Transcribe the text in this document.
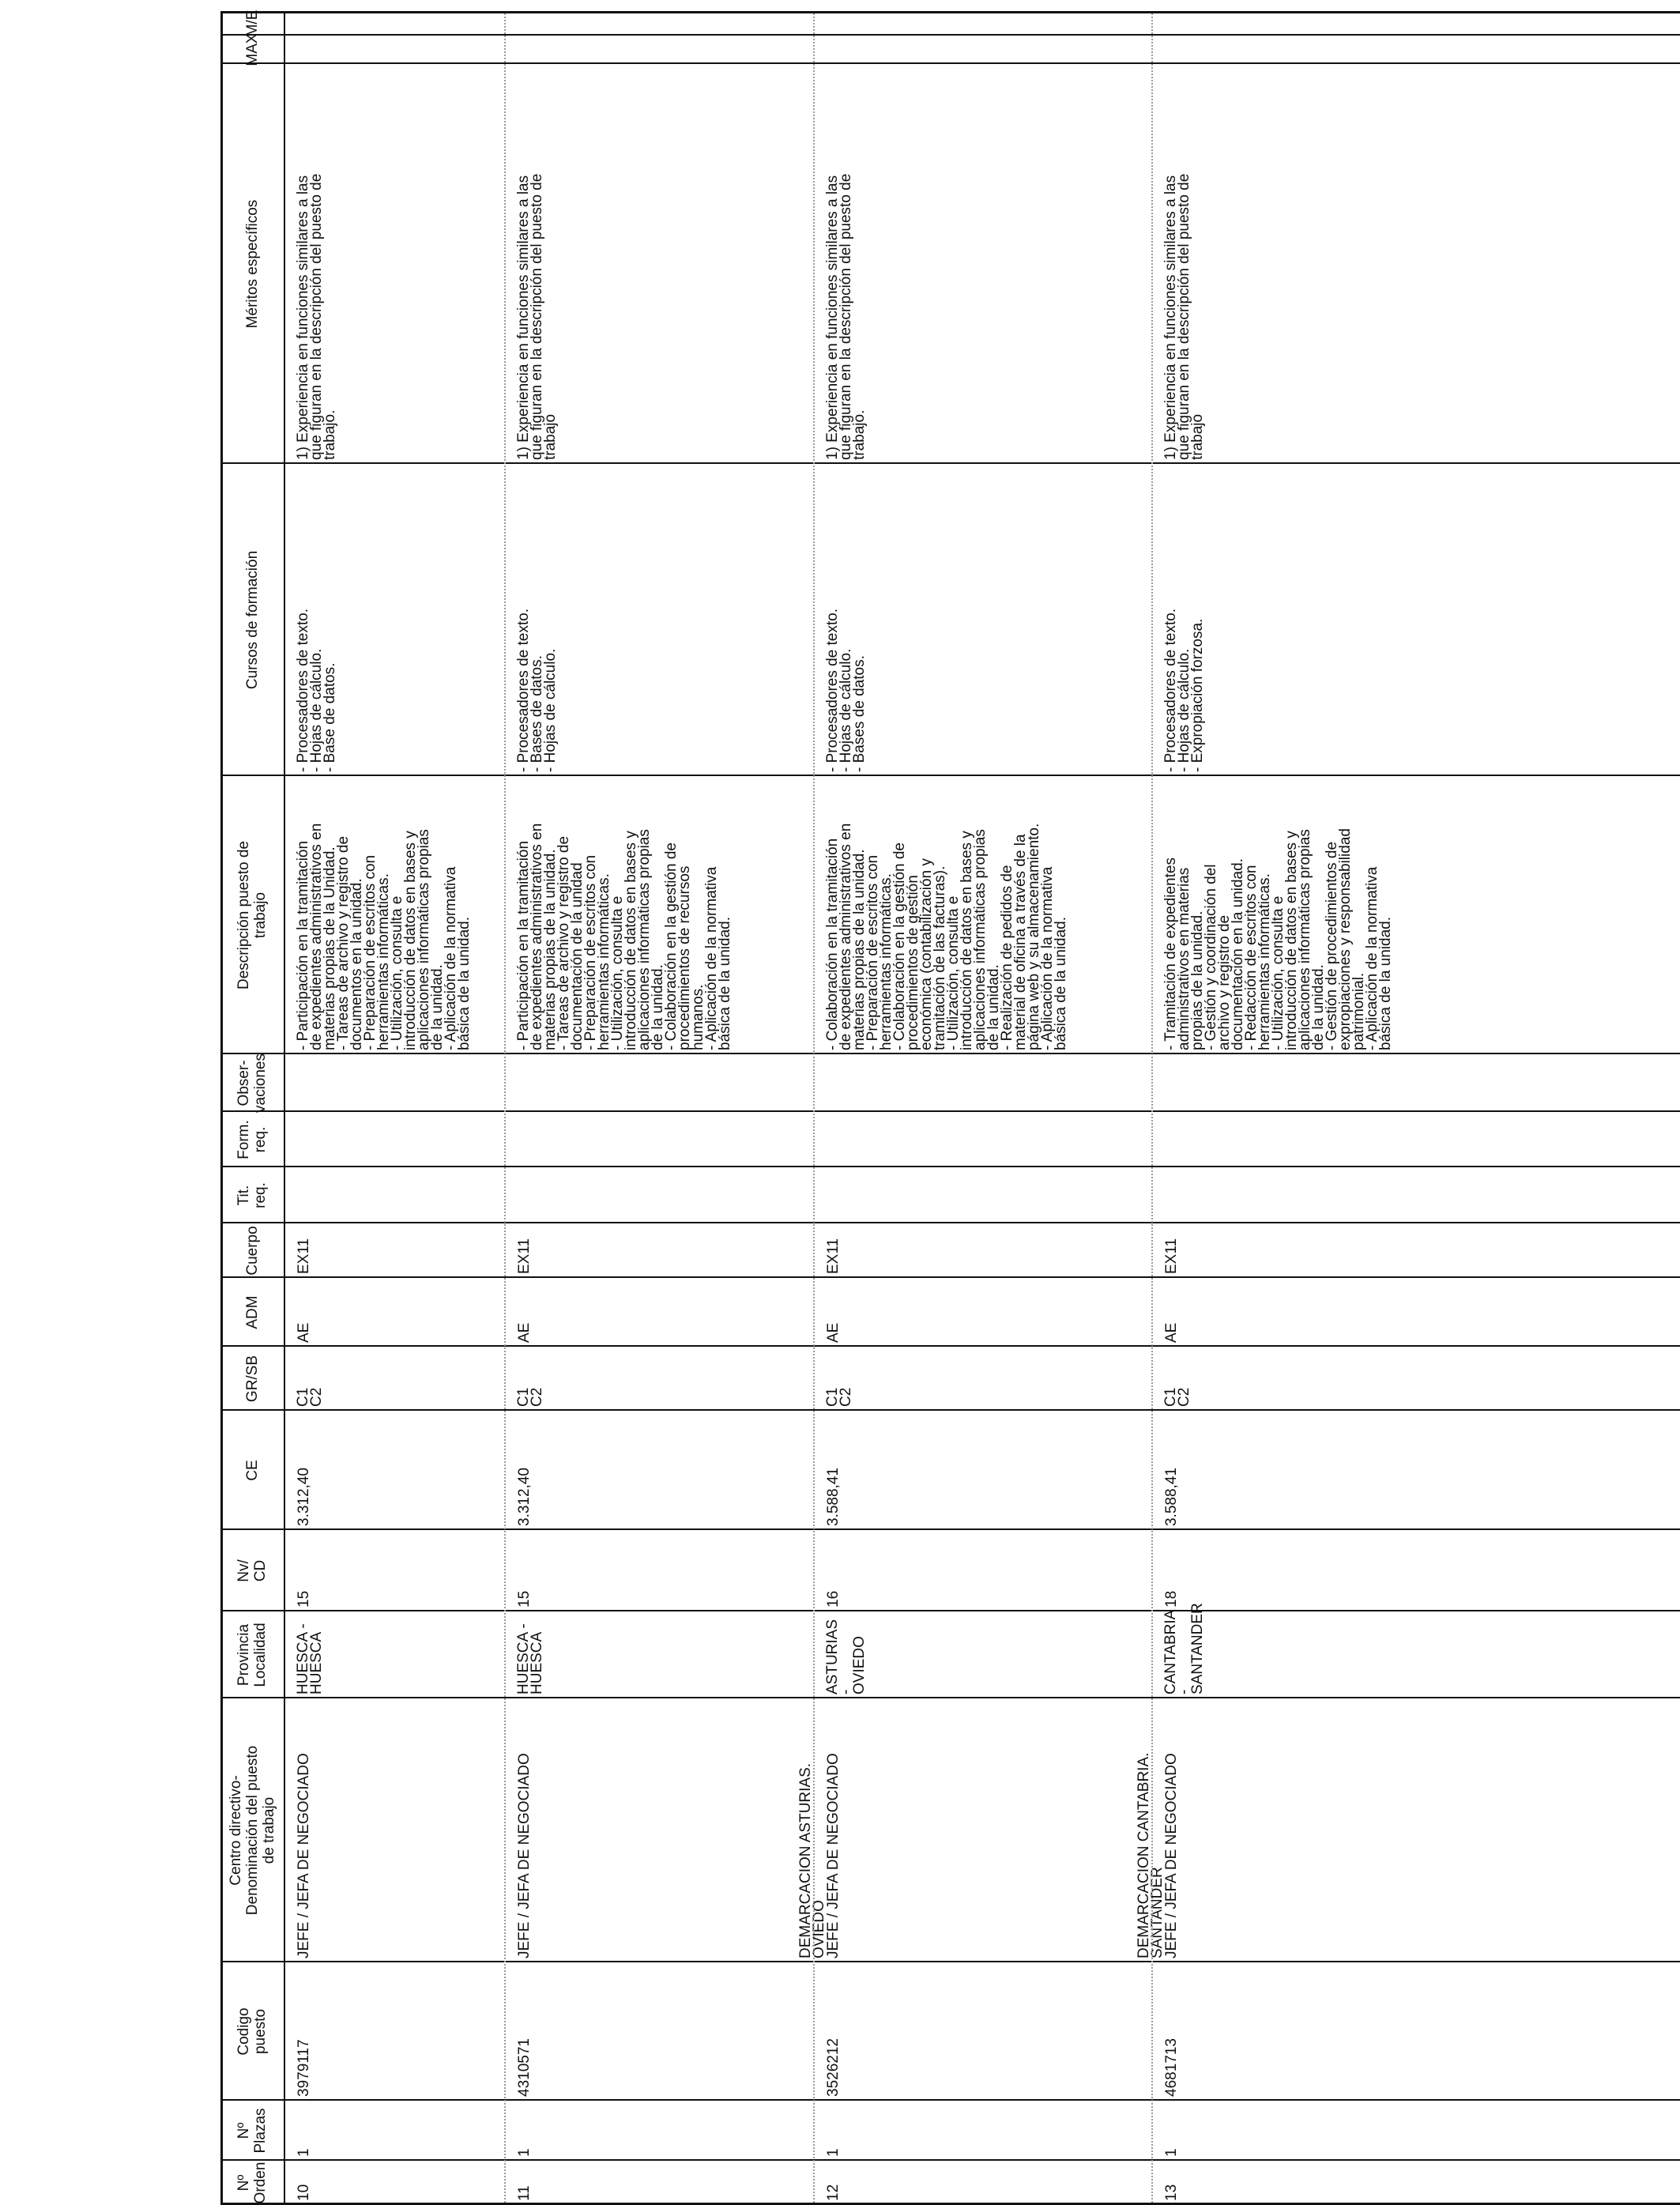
Nº
Orden
Nº
Plazas
Codigo
puesto
Centro directivo-
Denominación del puesto
de trabajo
Provincia
Localidad
Nv/
CD
CE
GR/SB
ADM
Cuerpo
Tit.
req.
Form.
req.
Obser-
vaciones
Descripción puesto de
trabajo
Cursos de formación
Méritos específicos
MAX
M/E
10
1
3979117
JEFE / JEFA DE NEGOCIADO
HUESCA -
HUESCA
15
3.312,40
C1
C2
AE
EX11
- Participación en la tramitación
de expedientes administrativos en
materias propias de la Unidad.
- Tareas de archivo y registro de
documentos en la unidad.
- Preparación de escritos con
herramientas informáticas.
- Utilización, consulta e
introducción de datos en bases y
aplicaciones informáticas propias
de la unidad.
- Aplicación de la normativa
básica de la unidad.
- Procesadores de texto.
- Hojas de cálculo.
- Base de datos.
1) Experiencia en funciones similares a las
que figuran en la descripción del puesto de
trabajo.
11
1
4310571
JEFE / JEFA DE NEGOCIADO
HUESCA -
HUESCA
15
3.312,40
C1
C2
AE
EX11
- Participación en la tramitación
de expedientes administrativos en
materias propias de la unidad.
- Tareas de archivo y registro de
documentación de la unidad
- Preparación de escritos con
herramientas informáticas.
- Utilización, consulta e
introducción de datos en bases y
aplicaciones informáticas propias
de la unidad.
- Colaboración en la gestión de
procedimientos de recursos
humanos.
- Aplicación de la normativa
básica de la unidad.
- Procesadores de texto.
- Bases de datos.
- Hojas de cálculo.
1) Experiencia en funciones similares a las
que figuran en la descripción del puesto de
trabajo
12
1
3526212
DEMARCACION ASTURIAS.
OVIEDO
JEFE / JEFA DE NEGOCIADO
ASTURIAS -
OVIEDO
16
3.588,41
C1
C2
AE
EX11
- Colaboración en la tramitación
de expedientes administrativos en
materias propias de la unidad.
- Preparación de escritos con
herramientas informáticas.
- Colaboración en la gestión de
procedimientos de gestión
económica (contabilización y
tramitación de las facturas).
- Utilización, consulta e
introducción de datos en bases y
aplicaciones informáticas propias
de la unidad.
- Realización de pedidos de
material de oficina a través de la
página web y su almacenamiento.
- Aplicación de la normativa
básica de la unidad.
- Procesadores de texto.
- Hojas de cálculo.
- Bases de datos.
1) Experiencia en funciones similares a las
que figuran en la descripción del puesto de
trabajo.
13
1
4681713
DEMARCACION CANTABRIA.
SANTANDER
JEFE / JEFA DE NEGOCIADO
CANTABRIA -
SANTANDER
18
3.588,41
C1
C2
AE
EX11
- Tramitación de expedientes
administrativos en materias
propias de la unidad.
- Gestión y coordinación del
archivo y registro de
documentación en la unidad.
- Redacción de escritos con
herramientas informáticas.
- Utilización, consulta e
introducción de datos en bases y
aplicaciones informáticas propias
de la unidad.
- Gestión de procedimientos de
expropiaciones y responsabilidad
patrimonial.
- Aplicación de la normativa
básica de la unidad.
- Procesadores de texto.
- Hojas de cálculo.
- Expropiación forzosa.
1) Experiencia en funciones similares a las
que figuran en la descripción del puesto de
trabajo
